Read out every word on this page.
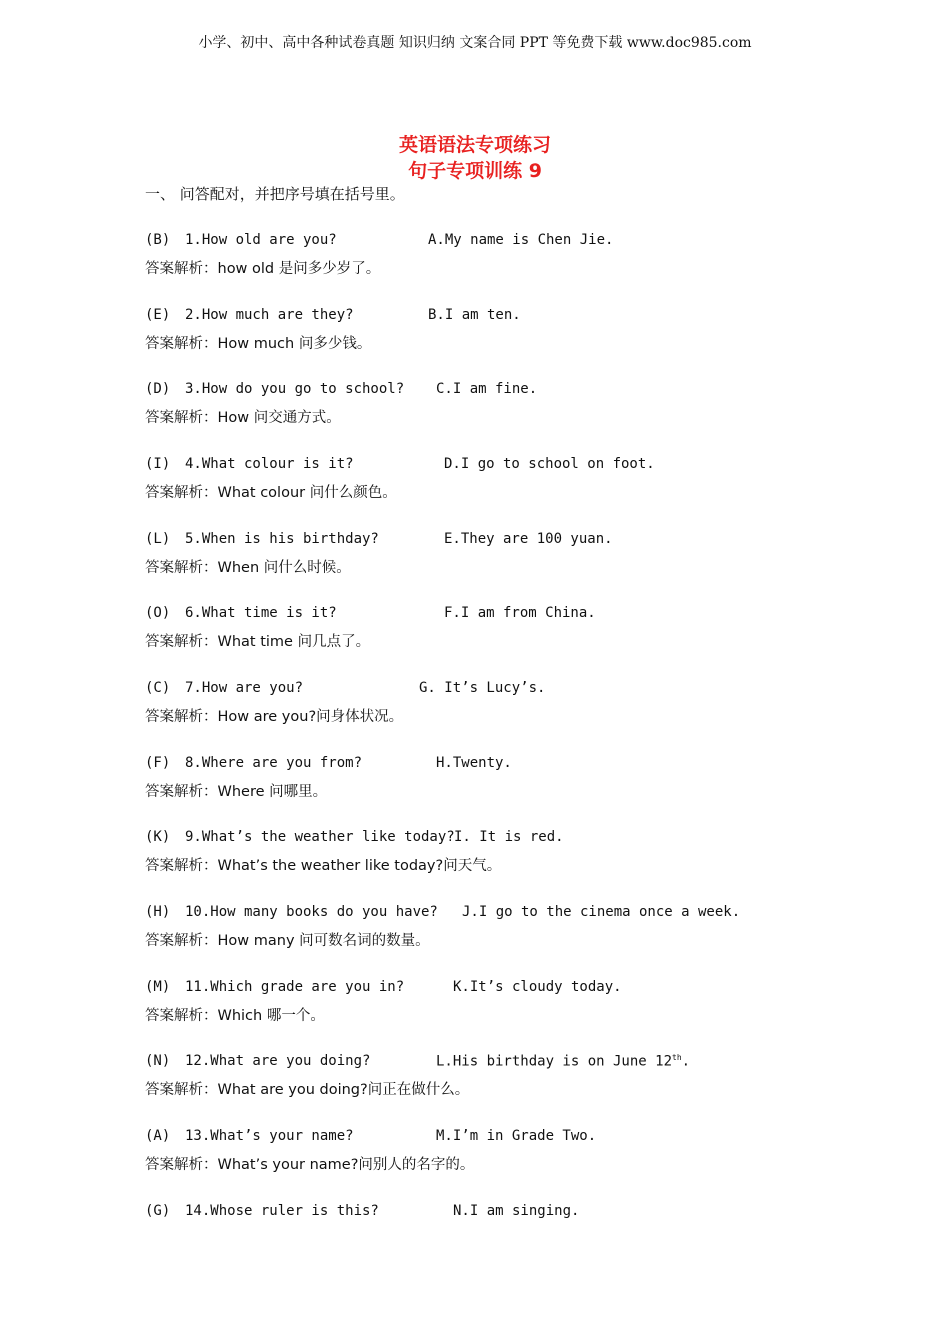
小学、初中、高中各种试卷真题 知识归纳 文案合同 PPT 等免费下载 www.doc985.com
英语语法专项练习
句子专项训练 9
一、 问答配对，并把序号填在括号里。
(B) 1.How old are you?	A.My name is Chen Jie.
答案解析：how old 是问多少岁了。
(E) 2.How much are they?	B.I am ten.
答案解析：How much 问多少钱。
(D) 3.How do you go to school? C.I am fine.
答案解析：How 问交通方式。
(I) 4.What colour is it?	D.I go to school on foot.
答案解析：What colour 问什么颜色。
(L) 5.When is his birthday?	E.They are 100 yuan.
答案解析：When 问什么时候。
(O) 6.What time is it?	F.I am from China.
答案解析：What time 问几点了。
(C) 7.How are you?	G. It’s Lucy’s.
答案解析：How are you?问身体状况。
(F) 8.Where are you from?	H.Twenty.
答案解析：Where 问哪里。
(K) 9.What’s the weather like today? I. It is red.
答案解析：What’s the weather like today?问天气。
(H) 10.How many books do you have? J.I go to the cinema once a week.
答案解析：How many 问可数名词的数量。
(M) 11.Which grade are you in?	K.It’s cloudy today.
答案解析：Which 哪一个。
(N) 12.What are you doing?	L.His birthday is on June 12th.
答案解析：What are you doing?问正在做什么。
(A) 13.What’s your name?	M.I’m in Grade Two.
答案解析：What’s your name?问别人的名字的。
(G) 14.Whose ruler is this?	N.I am singing.
